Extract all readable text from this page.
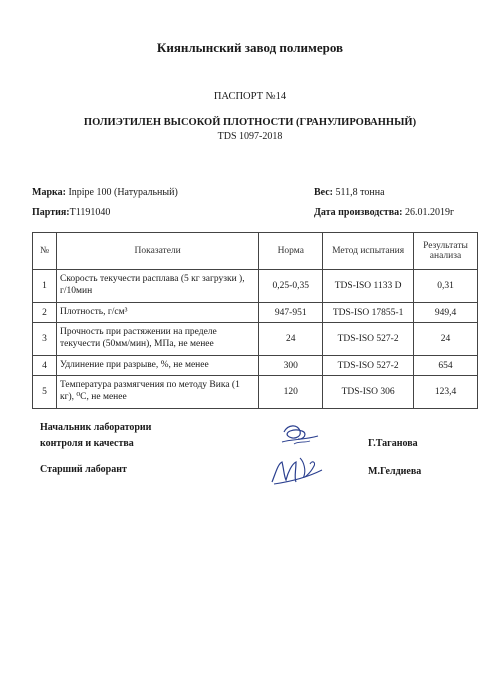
Киянлынский завод полимеров
ПАСПОРТ №14
ПОЛИЭТИЛЕН ВЫСОКОЙ ПЛОТНОСТИ (ГРАНУЛИРОВАННЫЙ)
TDS 1097-2018
Марка: Inpipe 100 (Натуральный)	Вес: 511,8 тонна
Партия:T1191040	Дата производства: 26.01.2019г
№	Показатели	Норма	Метод испытания	Результаты анализа
1	Скорость текучести расплава (5 кг загрузки ), г/10мин	0,25-0,35	TDS-ISO 1133 D	0,31
2	Плотность, г/см³	947-951	TDS-ISO 17855-1	949,4
3	Прочность при растяжении на пределе текучести (50мм/мин), МПа, не менее	24	TDS-ISO 527-2	24
4	Удлинение при разрыве, %, не менее	300	TDS-ISO 527-2	654
5	Температура размягчения по методу Вика (1 кг), ⁰С, не менее	120	TDS-ISO 306	123,4
Начальник лаборатории
контроля и качества	Г.Таганова
Старший лаборант	М.Гелдиева
